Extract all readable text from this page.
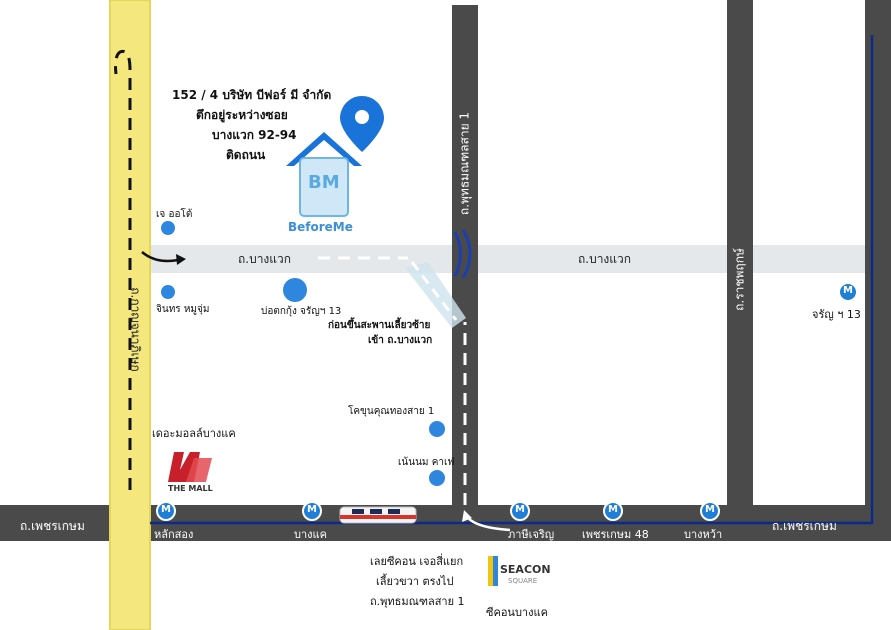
M	M	M	M	M
M
152 / 4 บริษัท บีฟอร์ มี จำกัด
ตึกอยู่ระหว่างซอย
บางแวก 92-94
ติดถนน
BM
BeforeMe
ถ.บางแวก	ถ.บางแวก
ถ.เพชรเกษม	ถ.เพชรเกษม
ถ.กาญจนาภิเษก
ถ.พุทธมณฑลสาย 1
ถ.ราชพฤกษ์
เจ ออโต้
จินทร หมูจุ่ม	บ่อตกกุ้ง จรัญฯ 13
โคขุนคุณทองสาย 1
เน้นนม คาเฟ่
เดอะมอลล์บางแค
THE MALL
ก่อนขึ้นสะพานเลี้ยวซ้าย
เข้า ถ.บางแวก
หลักสอง	บางแค	ภาษีเจริญ	เพชรเกษม 48	บางหว้า
จรัญ ฯ 13
เลยซีคอน เจอสี่แยก
เลี้ยวขวา ตรงไป
ถ.พุทธมณฑลสาย 1
SEACON
SQUARE
ซีคอนบางแค
